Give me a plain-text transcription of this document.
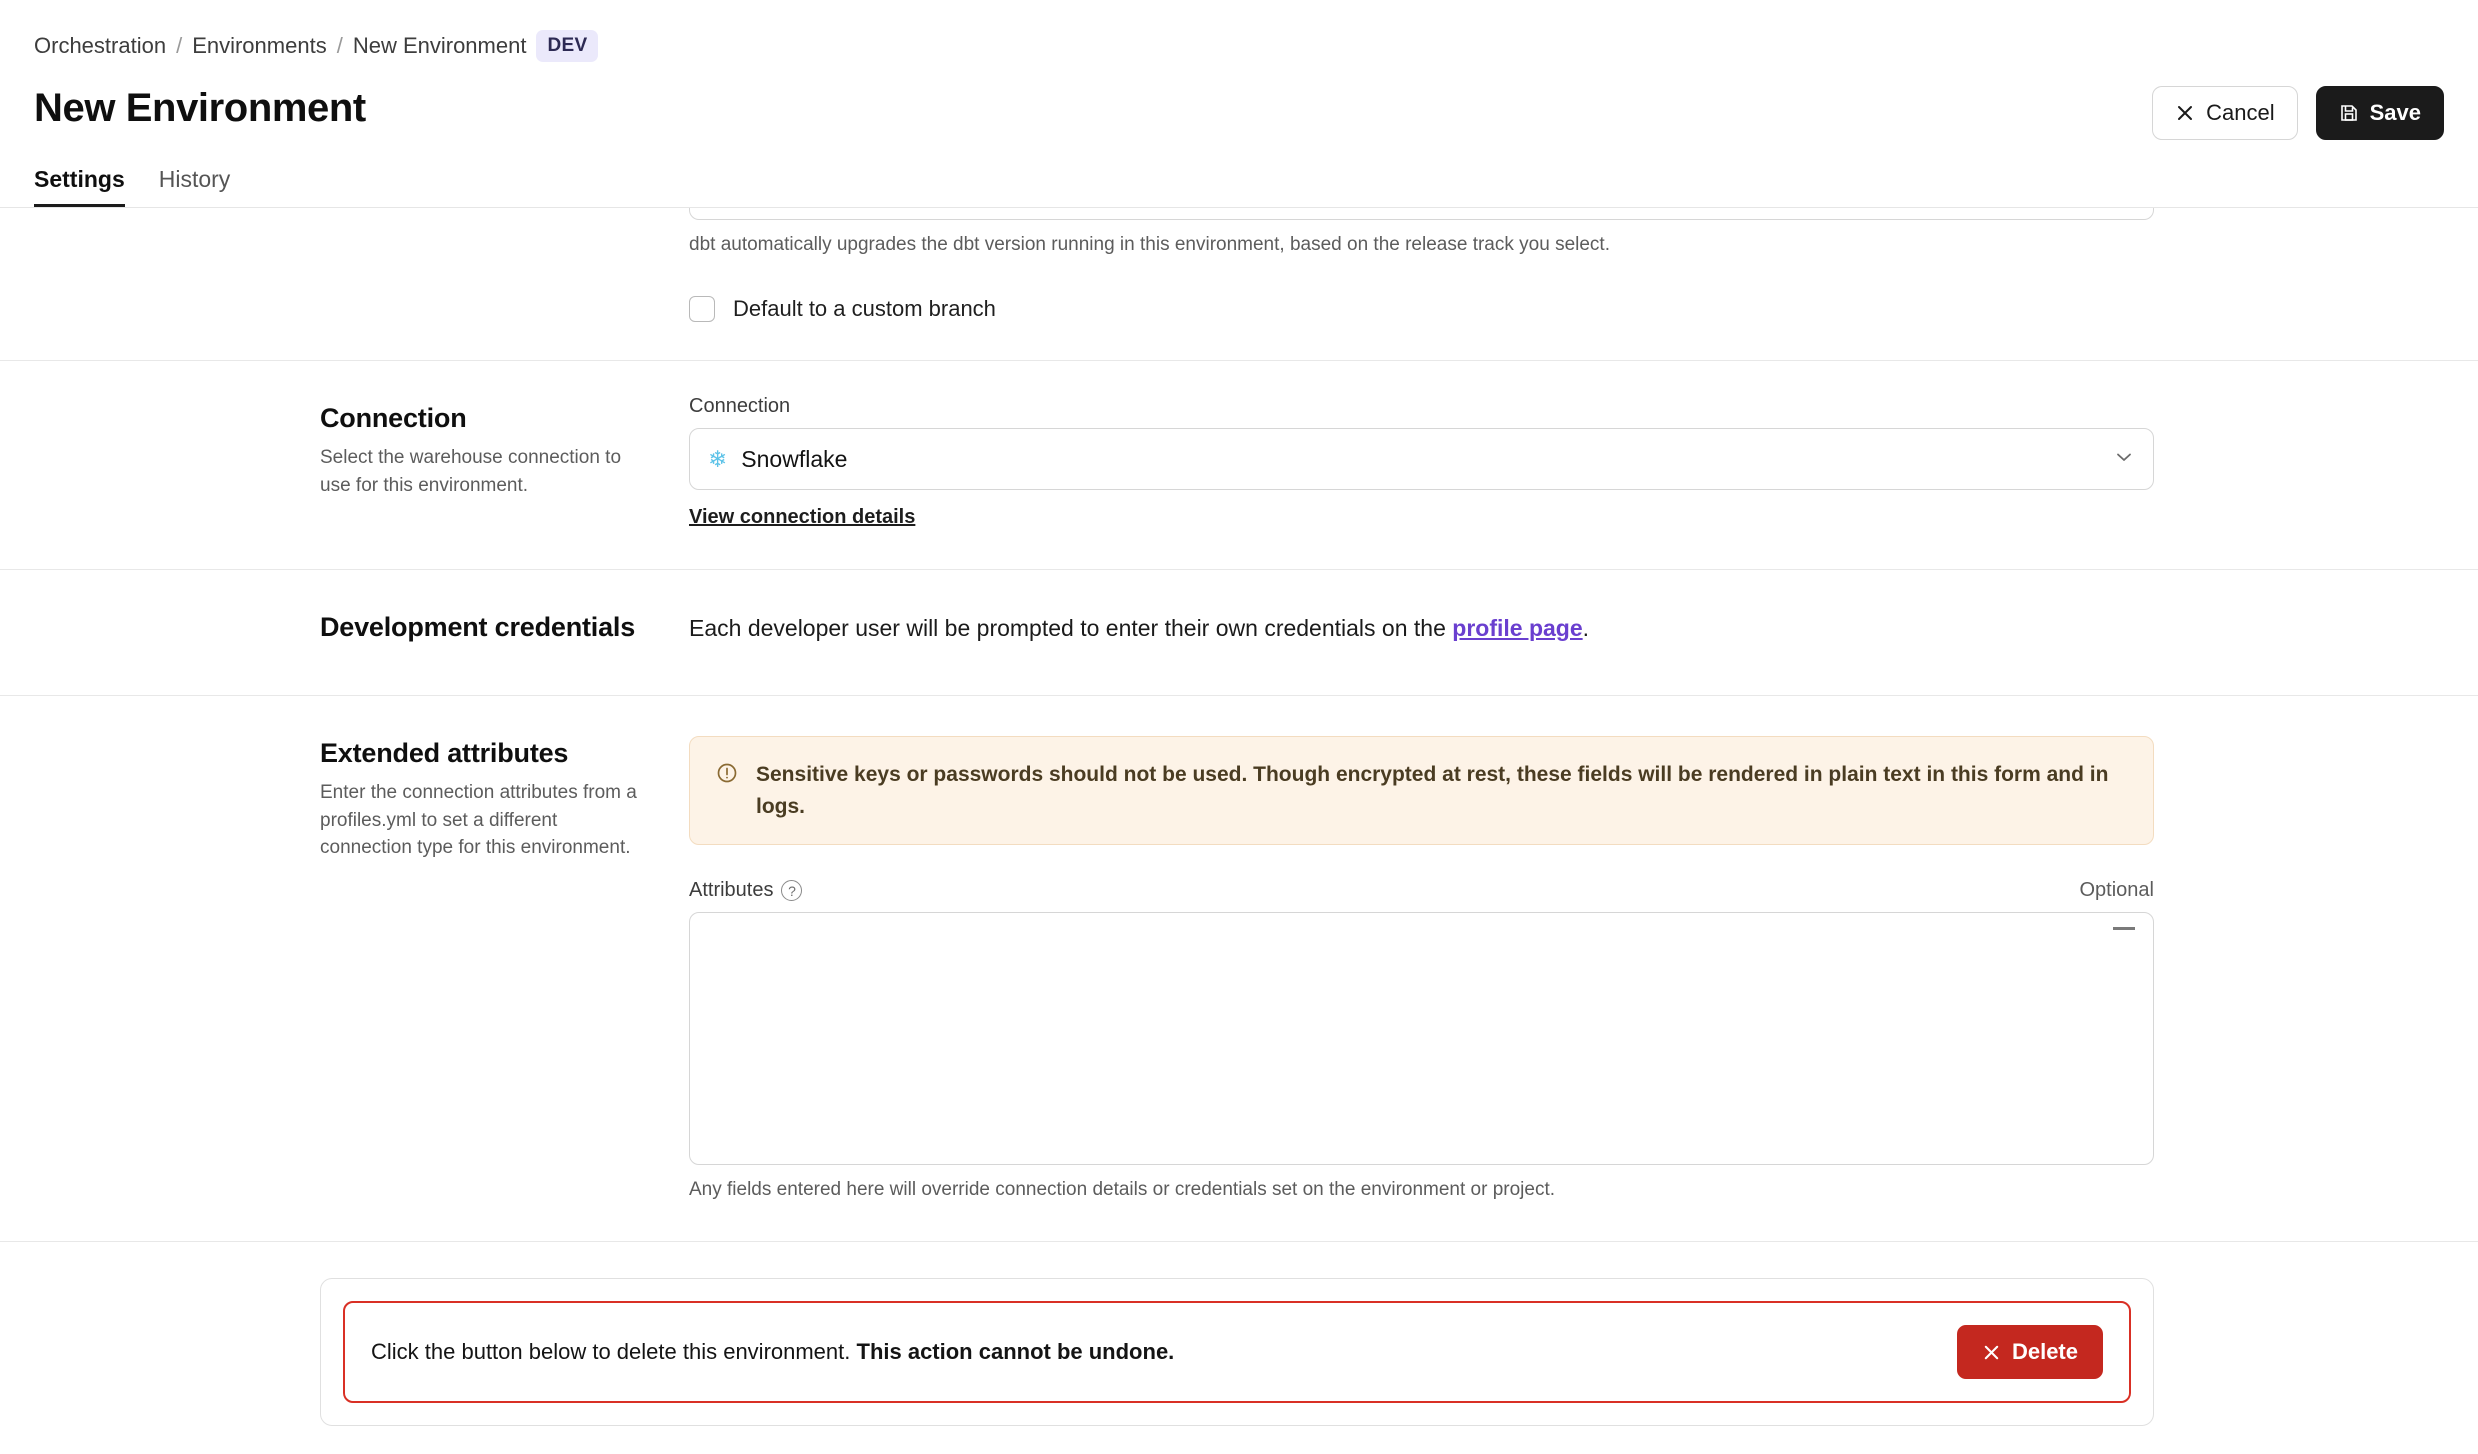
Orchestration / Environments / New Environment	DEV
New Environment	Cancel	Save
Settings History

dbt automatically upgrades the dbt version running in this environment, based on the release track you select.

Default to a custom branch
Connection

Select the warehouse connection to use for this environment.

Connection
❄ Snowflake
View connection details
Development credentials	Each developer user will be prompted to enter their own credentials on the profile page.

Extended attributes

Enter the connection attributes from a profiles.yml to set a different connection type for this environment.

Sensitive keys or passwords should not be used. Though encrypted at rest, these fields will be rendered in plain text in this form and in logs.
Attributes	?	Optional

Any fields entered here will override connection details or credentials set on the environment or project.

Click the button below to delete this environment. This action cannot be undone.	Delete
